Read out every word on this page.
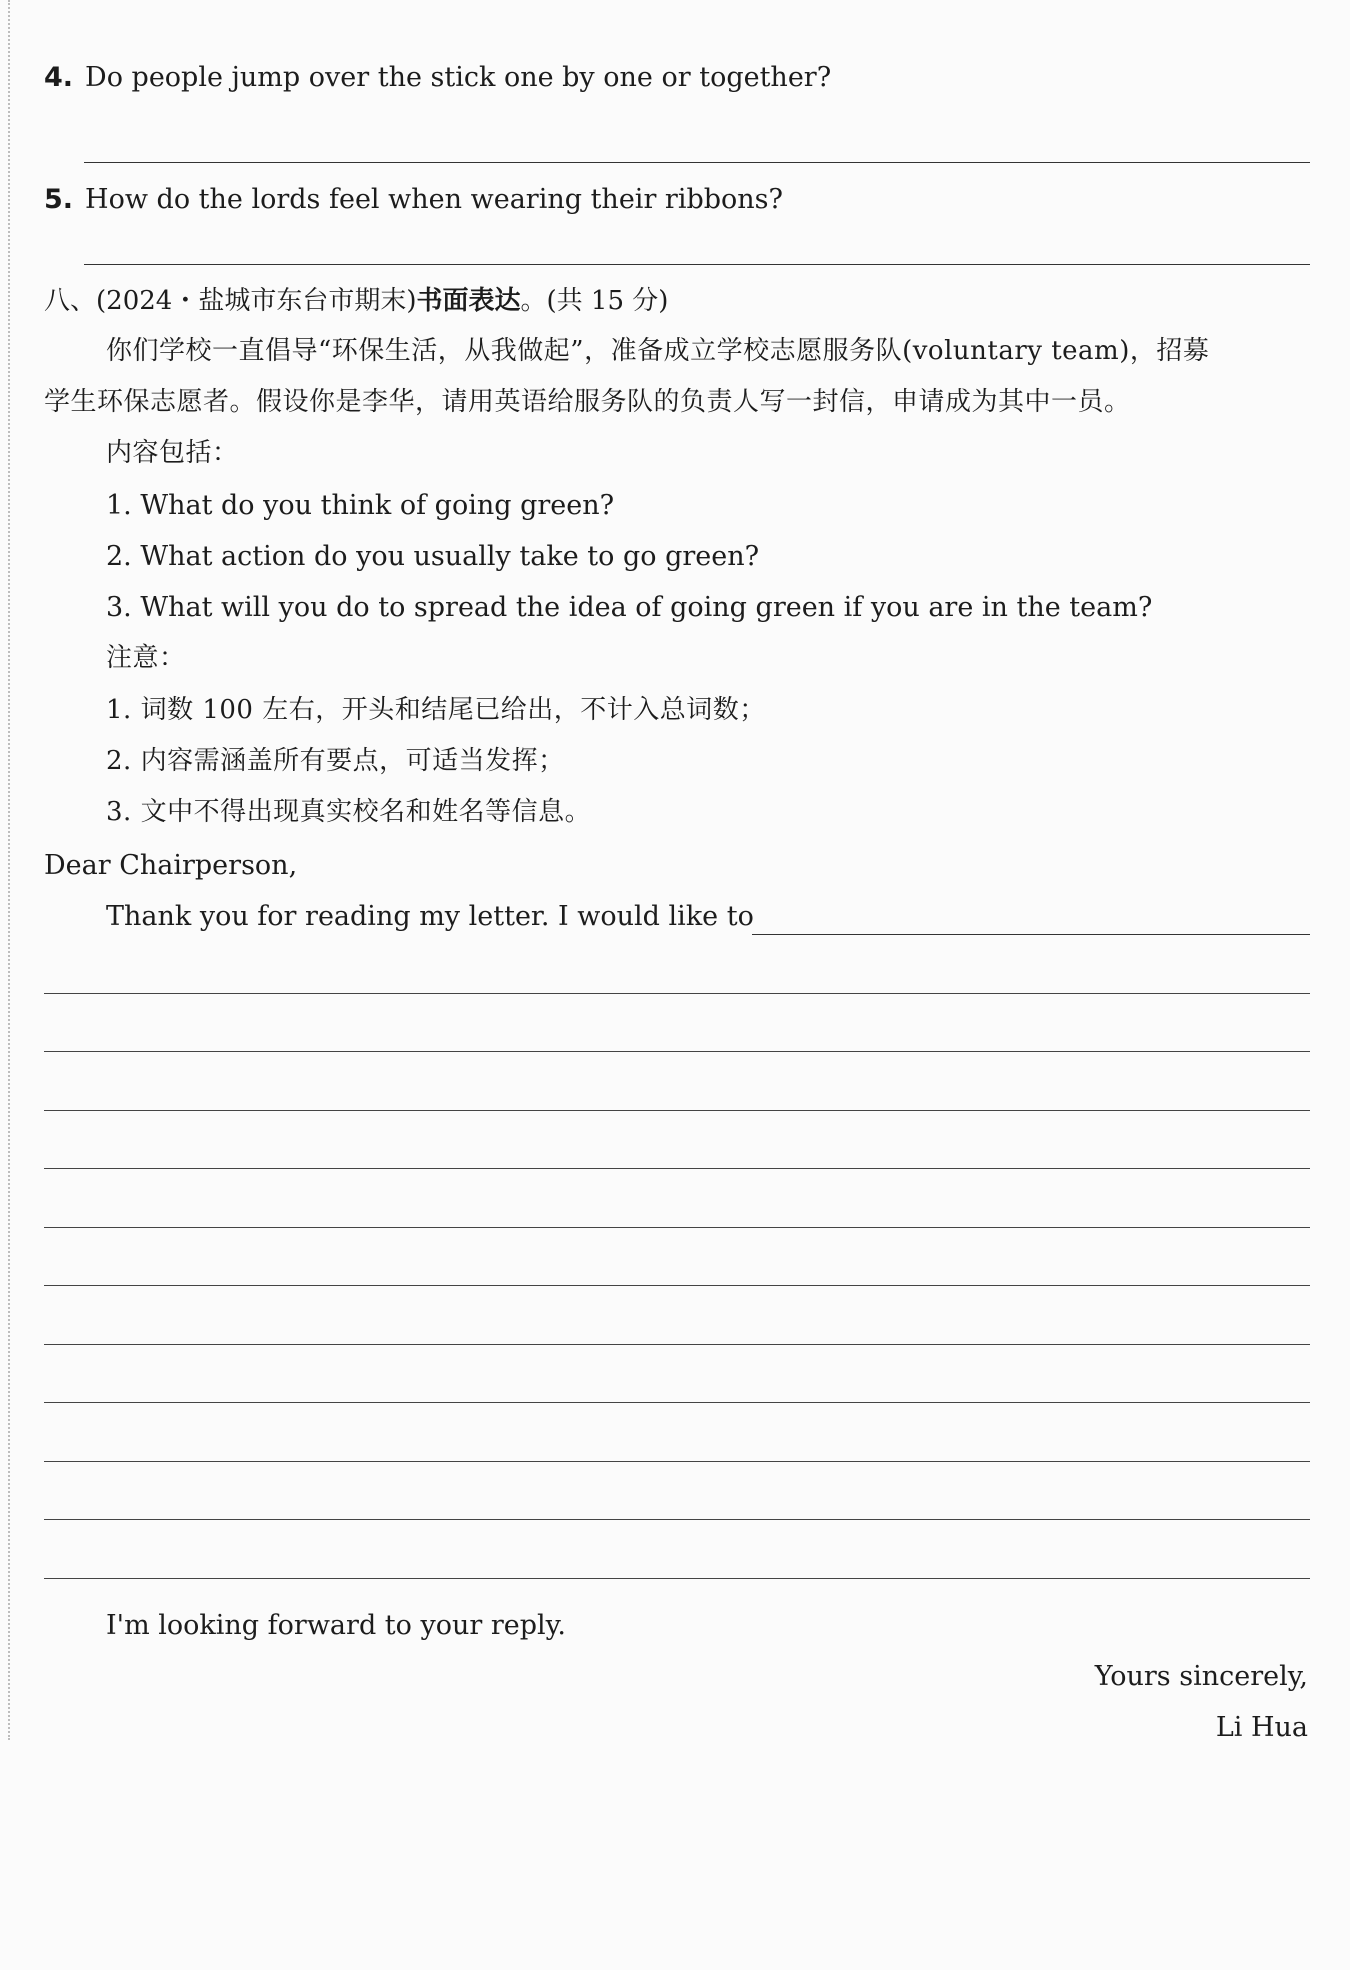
4. Do people jump over the stick one by one or together?
5. How do the lords feel when wearing their ribbons?
八、(2024・盐城市东台市期末)书面表达。(共 15 分)
你们学校一直倡导“环保生活，从我做起”，准备成立学校志愿服务队(voluntary team)，招募
学生环保志愿者。假设你是李华，请用英语给服务队的负责人写一封信，申请成为其中一员。
内容包括：
1. What do you think of going green?
2. What action do you usually take to go green?
3. What will you do to spread the idea of going green if you are in the team?
注意：
1. 词数 100 左右，开头和结尾已给出，不计入总词数；
2. 内容需涵盖所有要点，可适当发挥；
3. 文中不得出现真实校名和姓名等信息。
Dear Chairperson,
Thank you for reading my letter. I would like to
I'm looking forward to your reply.
Yours sincerely,
Li Hua
